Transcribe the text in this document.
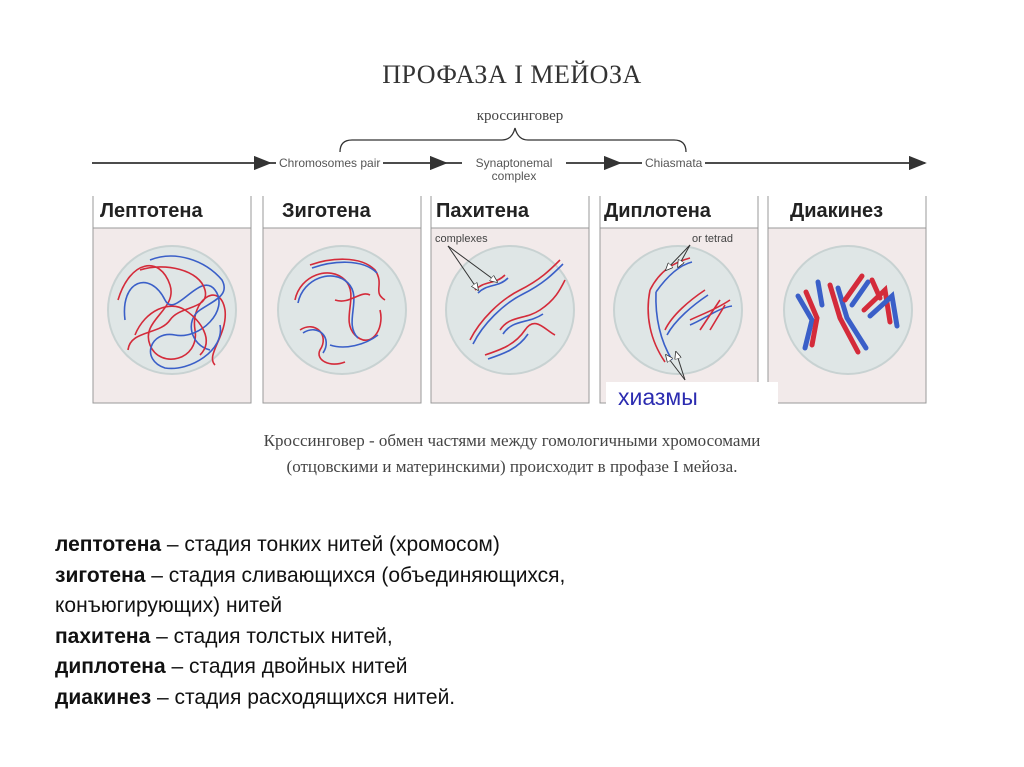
ПРОФАЗА I МЕЙОЗА
кроссинговер
Chromosomes pair	Synaptonemal complex
Chiasmata
Лептотена	Зиготена	Пахитена	Диплотена	Диакинез
complexes	or tetrad
хиазмы
Кроссинговер - обмен частями между гомологичными хромосомами
(отцовскими и материнскими) происходит в профазе I мейоза.
лептотена – стадия тонких нитей (хромосом)
зиготена – стадия сливающихся (объединяющихся,
конъюгирующих) нитей
пахитена – стадия толстых нитей,
диплотена – стадия двойных нитей
диакинез – стадия расходящихся нитей.
